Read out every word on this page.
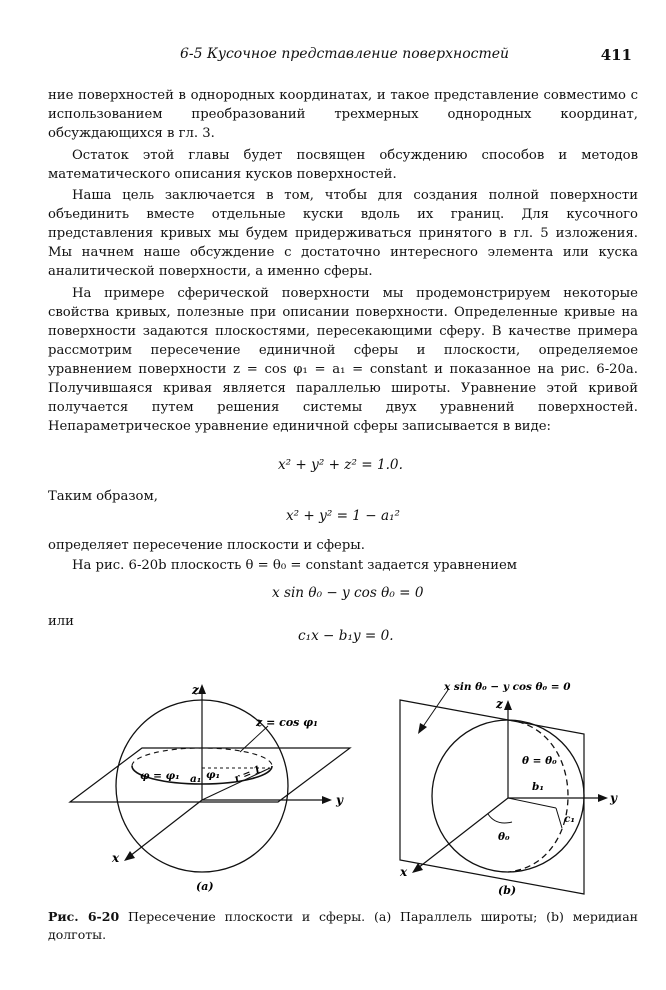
6-5 Кусочное представление поверхностей	411
ние поверхностей в однородных координатах, и такое представление совместимо с использованием преобразований трехмерных однородных координат, обсуждающихся в гл. 3.
Остаток этой главы будет посвящен обсуждению способов и методов математического описания кусков поверхностей.
Наша цель заключается в том, чтобы для создания полной поверхности объединить вместе отдельные куски вдоль их границ. Для кусочного представления кривых мы будем придерживаться принятого в гл. 5 изложения. Мы начнем наше обсуждение с достаточно интересного элемента или куска аналитической поверхности, а именно сферы.
На примере сферической поверхности мы продемонстрируем некоторые свойства кривых, полезные при описании поверхности. Определенные кривые на поверхности задаются плоскостями, пересекающими сферу. В качестве примера рассмотрим пересечение единичной сферы и плоскости, определяемое уравнением поверхности z = cos φ₁ = a₁ = constant и показанное на рис. 6-20a. Получившаяся кривая является параллелью широты. Уравнение этой кривой получается путем решения системы двух уравнений поверхностей. Непараметрическое уравнение единичной сферы записывается в виде:
x² + y² + z² = 1.0.
Таким образом,
x² + y² = 1 − a₁²
определяет пересечение плоскости и сферы.
На рис. 6-20b плоскость θ = θ₀ = constant задается уравнением
x sin θ₀ − y cos θ₀ = 0
или
c₁x − b₁y = 0.
z
y
x
z = cos φ₁
φ = φ₁ a₁ φ₁ r = 1
(a)
x sin θ₀ − y cos θ₀ = 0
z
y
x
θ = θ₀
b₁
c₁
θ₀
(b)
Рис. 6-20 Пересечение плоскости и сферы. (a) Параллель широты; (b) меридиан долготы.
